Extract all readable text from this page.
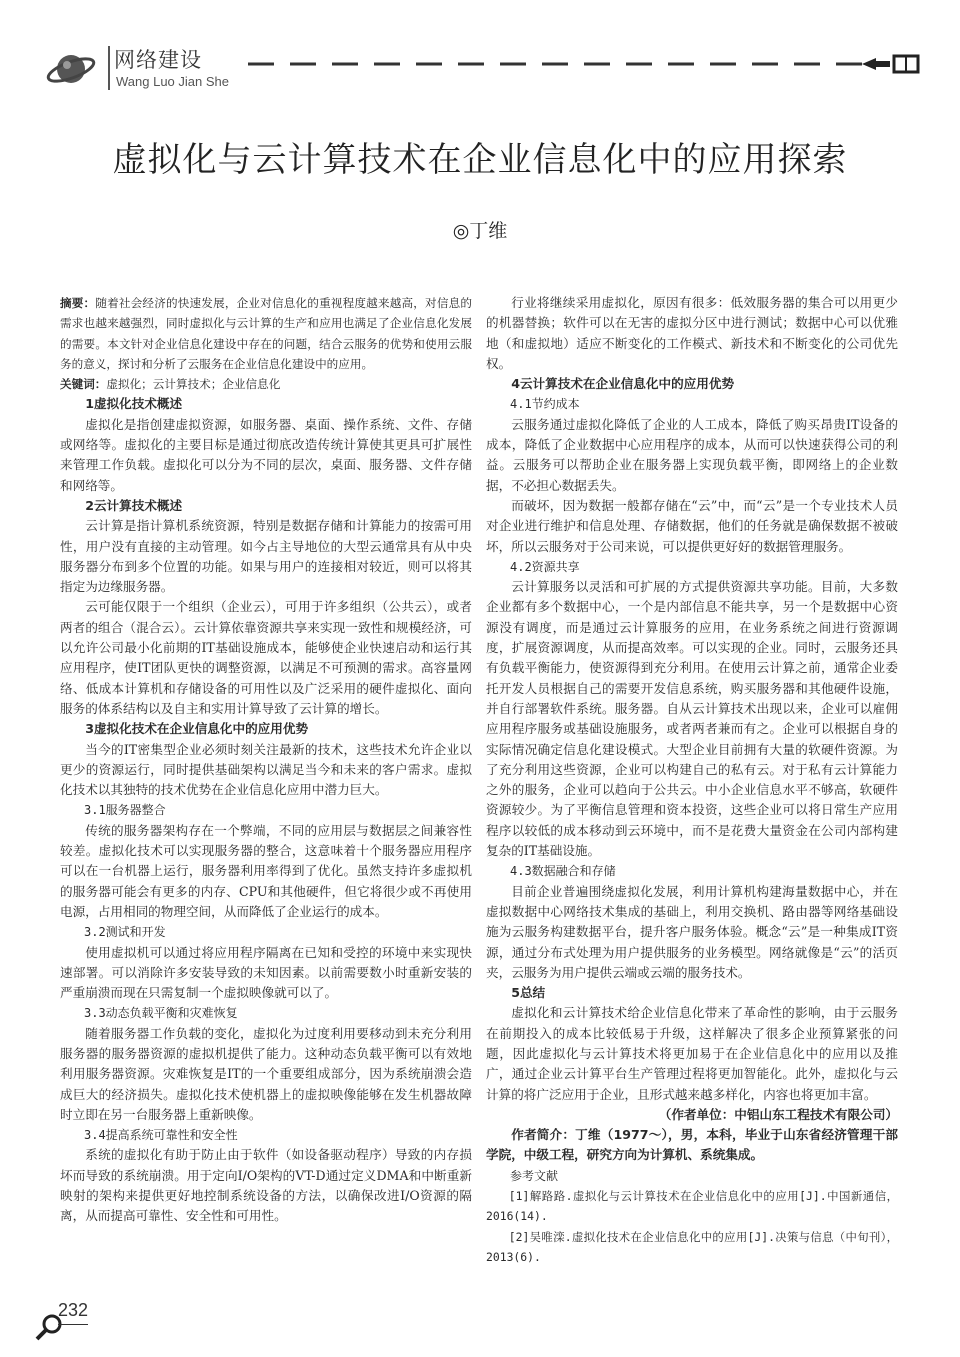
网络建设
Wang Luo Jian She
虚拟化与云计算技术在企业信息化中的应用探索
◎丁维

摘要：随着社会经济的快速发展，企业对信息化的重视程度越来越高，对信息的需求也越来越强烈，同时虚拟化与云计算的生产和应用也满足了企业信息化发展的需要。本文针对企业信息化建设中存在的问题，结合云服务的优势和使用云服务的意义，探讨和分析了云服务在企业信息化建设中的应用。

关键词：虚拟化；云计算技术；企业信息化

1虚拟化技术概述

虚拟化是指创建虚拟资源，如服务器、桌面、操作系统、文件、存储或网络等。虚拟化的主要目标是通过彻底改造传统计算使其更具可扩展性来管理工作负载。虚拟化可以分为不同的层次，桌面、服务器、文件存储和网络等。

2云计算技术概述

云计算是指计算机系统资源，特别是数据存储和计算能力的按需可用性，用户没有直接的主动管理。如今占主导地位的大型云通常具有从中央服务器分布到多个位置的功能。如果与用户的连接相对较近，则可以将其指定为边缘服务器。

云可能仅限于一个组织（企业云），可用于许多组织（公共云），或者两者的组合（混合云）。云计算依靠资源共享来实现一致性和规模经济，可以允许公司最小化前期的IT基础设施成本，能够使企业快速启动和运行其应用程序，使IT团队更快的调整资源，以满足不可预测的需求。高容量网络、低成本计算机和存储设备的可用性以及广泛采用的硬件虚拟化、面向服务的体系结构以及自主和实用计算导致了云计算的增长。

3虚拟化技术在企业信息化中的应用优势

当今的IT密集型企业必须时刻关注最新的技术，这些技术允许企业以更少的资源运行，同时提供基础架构以满足当今和未来的客户需求。虚拟化技术以其独特的技术优势在企业信息化应用中潜力巨大。

3.1服务器整合

传统的服务器架构存在一个弊端，不同的应用层与数据层之间兼容性较差。虚拟化技术可以实现服务器的整合，这意味着十个服务器应用程序可以在一台机器上运行，服务器利用率得到了优化。虽然支持许多虚拟机的服务器可能会有更多的内存、CPU和其他硬件，但它将很少或不再使用电源，占用相同的物理空间，从而降低了企业运行的成本。

3.2测试和开发

使用虚拟机可以通过将应用程序隔离在已知和受控的环境中来实现快速部署。可以消除许多安装导致的未知因素。以前需要数小时重新安装的严重崩溃而现在只需复制一个虚拟映像就可以了。

3.3动态负载平衡和灾难恢复

随着服务器工作负载的变化，虚拟化为过度利用要移动到未充分利用服务器的服务器资源的虚拟机提供了能力。这种动态负载平衡可以有效地利用服务器资源。灾难恢复是IT的一个重要组成部分，因为系统崩溃会造成巨大的经济损失。虚拟化技术使机器上的虚拟映像能够在发生机器故障时立即在另一台服务器上重新映像。

3.4提高系统可靠性和安全性

系统的虚拟化有助于防止由于软件（如设备驱动程序）导致的内存损坏而导致的系统崩溃。用于定向I/O架构的VT-D通过定义DMA和中断重新映射的架构来提供更好地控制系统设备的方法，以确保改进I/O资源的隔离，从而提高可靠性、安全性和可用性。

行业将继续采用虚拟化，原因有很多：低效服务器的集合可以用更少的机器替换；软件可以在无害的虚拟分区中进行测试；数据中心可以优雅地（和虚拟地）适应不断变化的工作模式、新技术和不断变化的公司优先权。

4云计算技术在企业信息化中的应用优势

4.1节约成本

云服务通过虚拟化降低了企业的人工成本，降低了购买昂贵IT设备的成本，降低了企业数据中心应用程序的成本，从而可以快速获得公司的利益。云服务可以帮助企业在服务器上实现负载平衡，即网络上的企业数据，不必担心数据丢失。

而破坏，因为数据一般都存储在“云”中，而“云”是一个专业技术人员对企业进行维护和信息处理、存储数据，他们的任务就是确保数据不被破坏，所以云服务对于公司来说，可以提供更好好的数据管理服务。

4.2资源共享

云计算服务以灵活和可扩展的方式提供资源共享功能。目前，大多数企业都有多个数据中心，一个是内部信息不能共享，另一个是数据中心资源没有调度，而是通过云计算服务的应用，在业务系统之间进行资源调度，扩展资源调度，从而提高效率。可以实现的企业。同时，云服务还具有负载平衡能力，使资源得到充分利用。在使用云计算之前，通常企业委托开发人员根据自己的需要开发信息系统，购买服务器和其他硬件设施，并自行部署软件系统。服务器。自从云计算技术出现以来，企业可以雇佣应用程序服务或基础设施服务，或者两者兼而有之。企业可以根据自身的实际情况确定信息化建设模式。大型企业目前拥有大量的软硬件资源。为了充分利用这些资源，企业可以构建自己的私有云。对于私有云计算能力之外的服务，企业可以趋向于公共云。中小企业信息水平不够高，软硬件资源较少。为了平衡信息管理和资本投资，这些企业可以将日常生产应用程序以较低的成本移动到云环境中，而不是花费大量资金在公司内部构建复杂的IT基础设施。

4.3数据融合和存储

目前企业普遍围绕虚拟化发展，利用计算机构建海量数据中心，并在虚拟数据中心网络技术集成的基础上，利用交换机、路由器等网络基础设施为云服务构建数据平台，提升客户服务体验。概念“云”是一种集成IT资源，通过分布式处理为用户提供服务的业务模型。网络就像是“云”的活页夹，云服务为用户提供云端或云端的服务技术。

5总结

虚拟化和云计算技术给企业信息化带来了革命性的影响，由于云服务在前期投入的成本比较低易于升级，这样解决了很多企业预算紧张的问题，因此虚拟化与云计算技术将更加易于在企业信息化中的应用以及推广，通过企业云计算平台生产管理过程将更加智能化。此外，虚拟化与云计算的将广泛应用于企业，且形式越来越多样化，内容也将更加丰富。

（作者单位：中铝山东工程技术有限公司）

作者简介：丁维（1977～），男，本科，毕业于山东省经济管理干部学院，中级工程，研究方向为计算机、系统集成。

参考文献

[1]解路路.虚拟化与云计算技术在企业信息化中的应用[J].中国新通信，2016(14).

[2]吴唯滦.虚拟化技术在企业信息化中的应用[J].决策与信息（中旬刊），2013(6).

232
